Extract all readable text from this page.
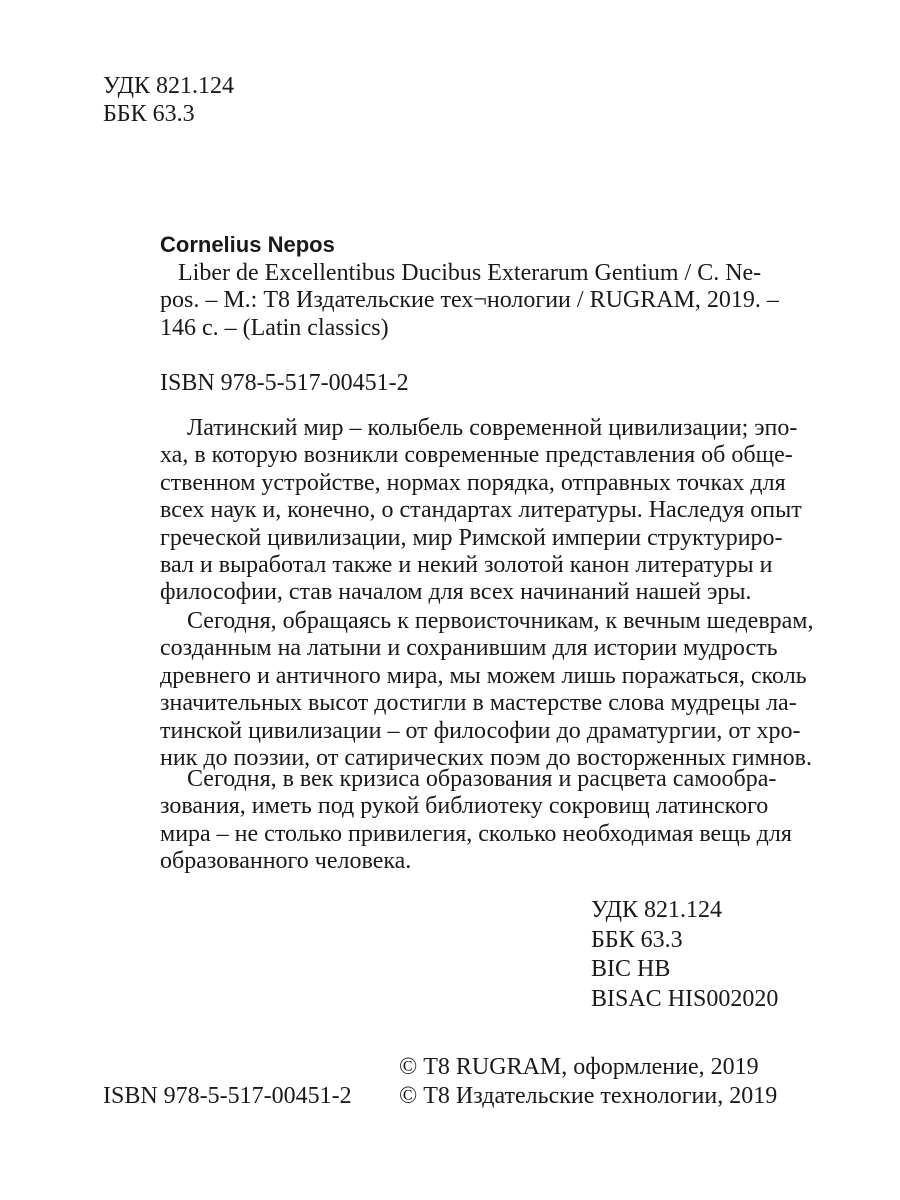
УДК 821.124
ББК 63.3
Cornelius Nepos
Liber de Excellentibus Ducibus Exterarum Gentium / C. Ne-
pos. – М.: Т8 Издательские тех¬нологии / RUGRAM, 2019. –
146 с. – (Latin classics)
ISBN 978-5-517-00451-2
Латинский мир – колыбель современной цивилизации; эпо-
ха, в которую возникли современные представления об обще-
ственном устройстве, нормах порядка, отправных точках для
всех наук и, конечно, о стандартах литературы. Наследуя опыт
греческой цивилизации, мир Римской империи структуриро-
вал и выработал также и некий золотой канон литературы и
философии, став началом для всех начинаний нашей эры.
Сегодня, обращаясь к первоисточникам, к вечным шедеврам,
созданным на латыни и сохранившим для истории мудрость
древнего и античного мира, мы можем лишь поражаться, сколь
значительных высот достигли в мастерстве слова мудрецы ла-
тинской цивилизации – от философии до драматургии, от хро-
ник до поэзии, от сатирических поэм до восторженных гимнов.
Сегодня, в век кризиса образования и расцвета самообра-
зования, иметь под рукой библиотеку сокровищ латинского
мира – не столько привилегия, сколько необходимая вещь для
образованного человека.
УДК 821.124
ББК 63.3
BIC HB
BISAC HIS002020
ISBN 978-5-517-00451-2
© Т8 RUGRAM, оформление, 2019
© Т8 Издательские технологии, 2019
